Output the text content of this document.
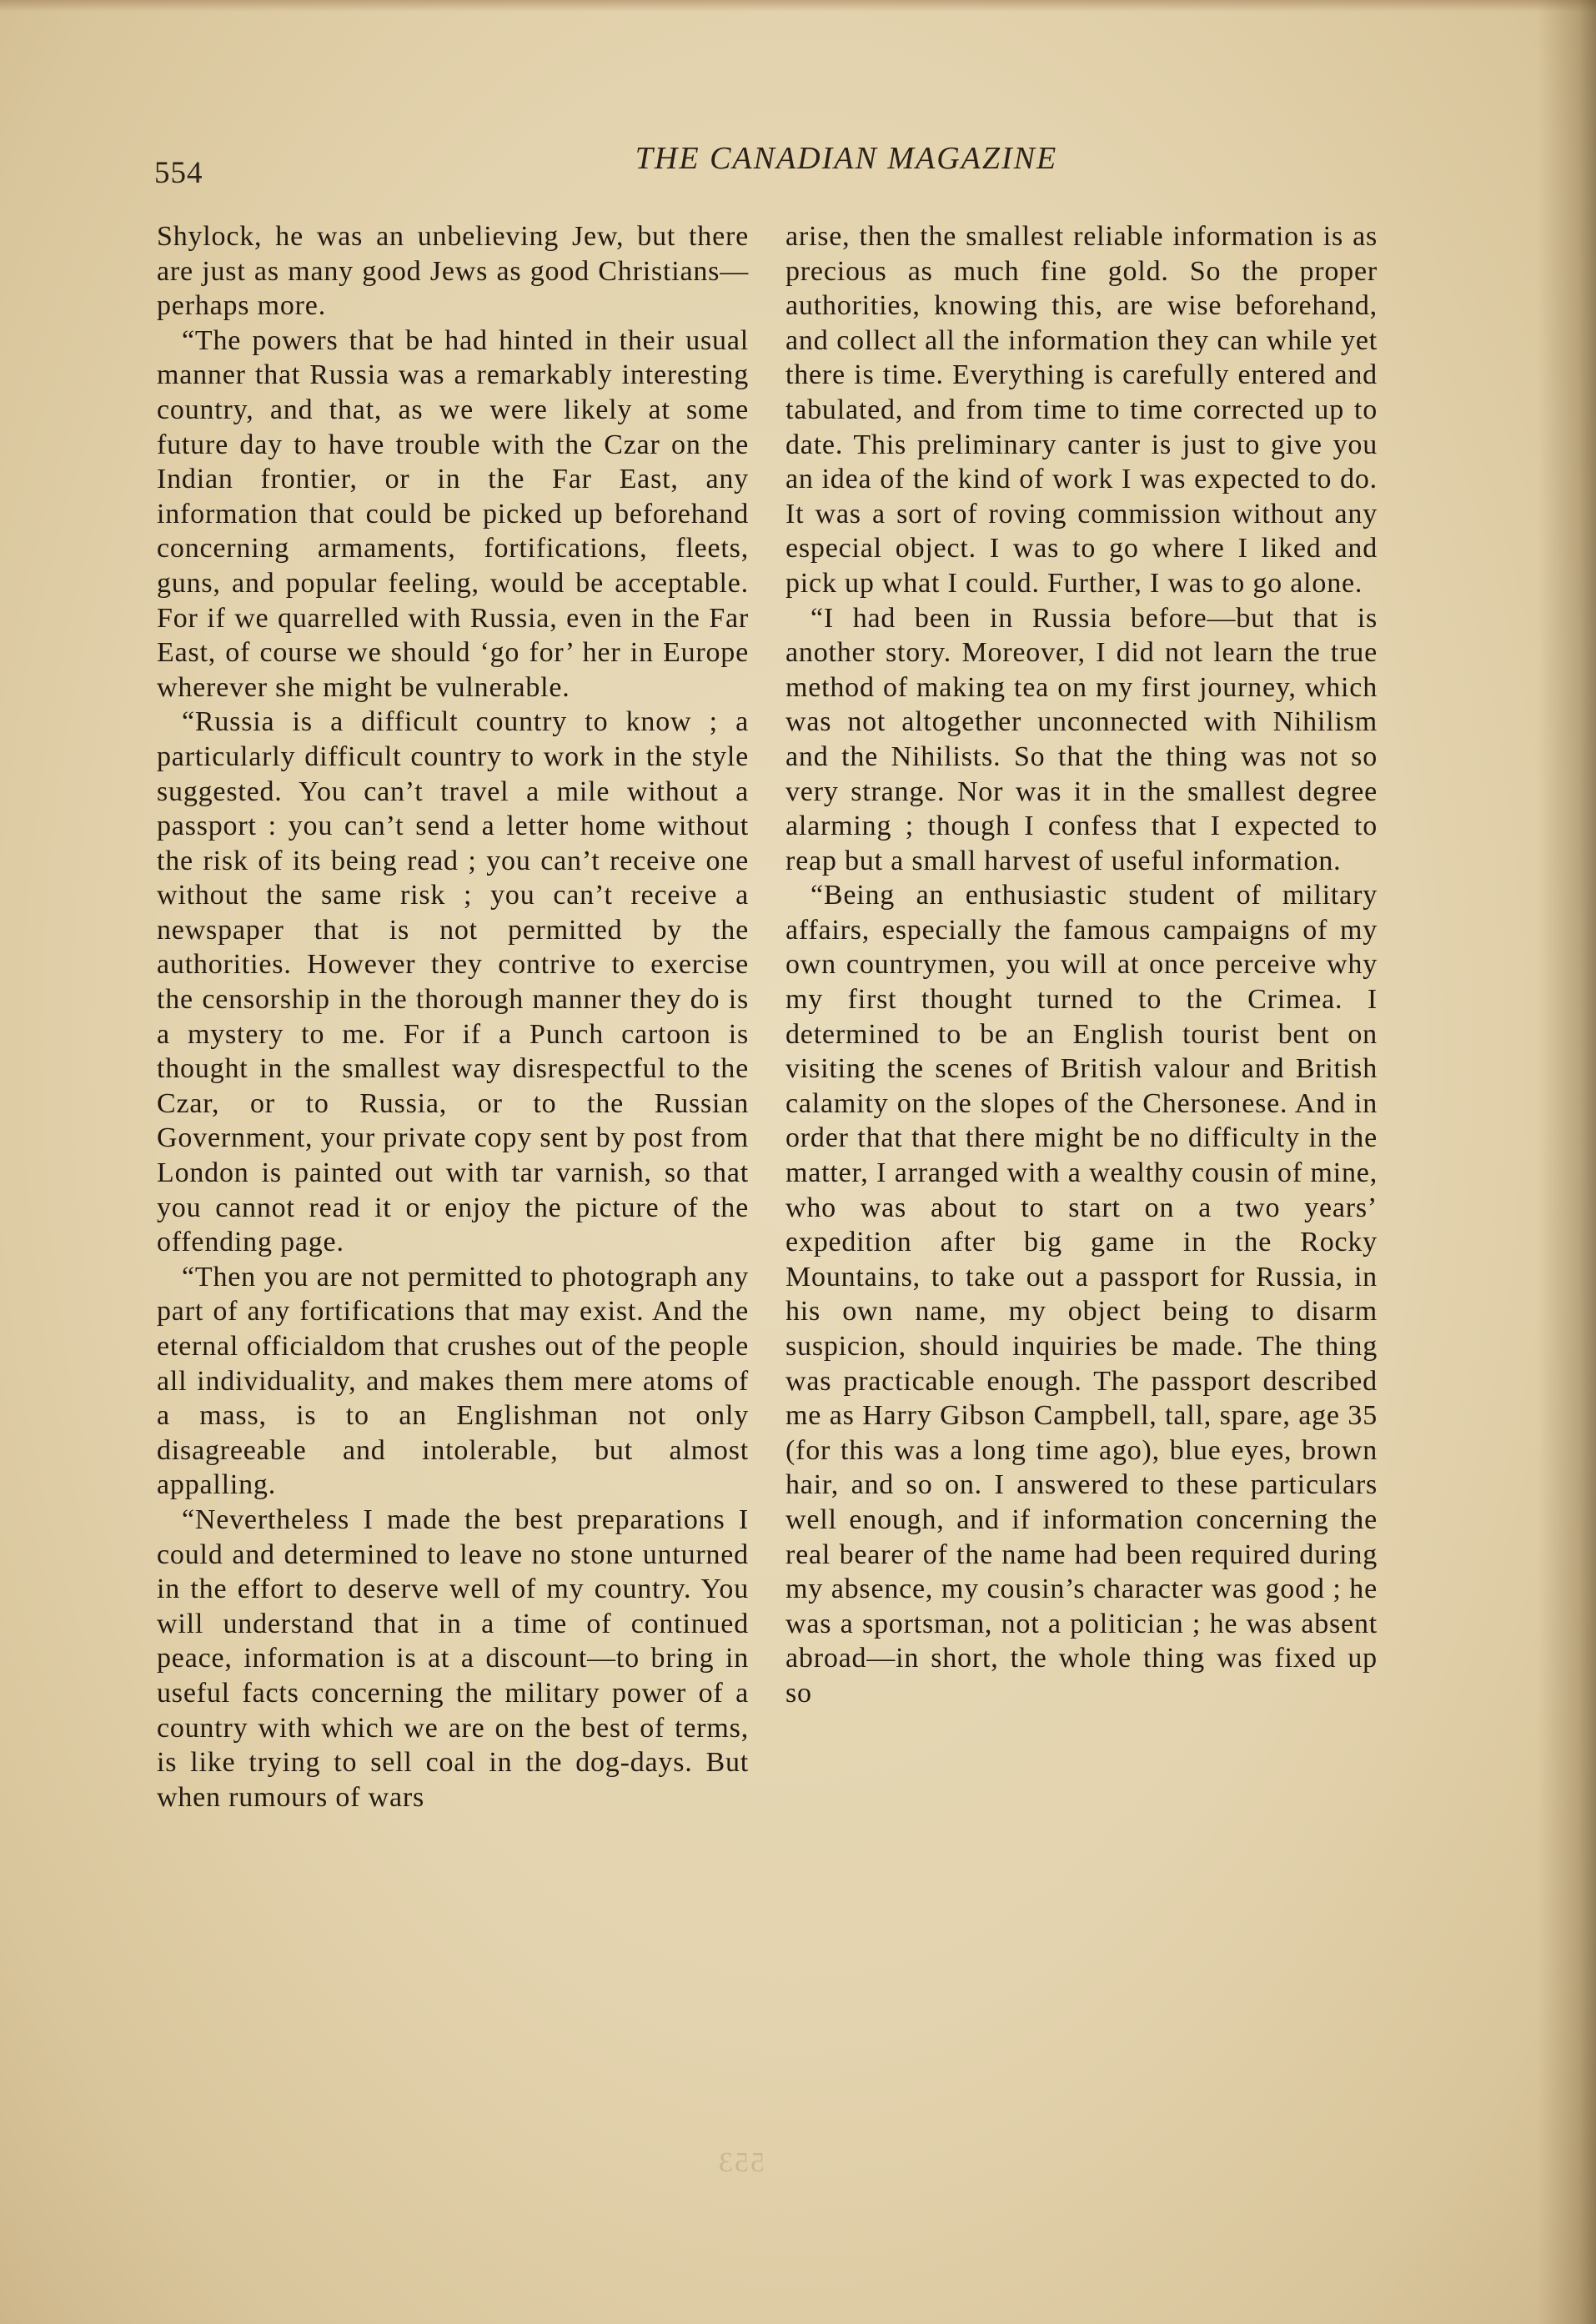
554	THE CANADIAN MAGAZINE

Shylock, he was an unbelieving Jew, but there are just as many good Jews as good Christians—perhaps more.

“The powers that be had hinted in their usual manner that Russia was a remarkably interesting country, and that, as we were likely at some future day to have trouble with the Czar on the Indian frontier, or in the Far East, any information that could be picked up beforehand concerning armaments, fortifications, fleets, guns, and popular feeling, would be acceptable. For if we quarrelled with Russia, even in the Far East, of course we should ‘go for’ her in Europe wherever she might be vulnerable.

“Russia is a difficult country to know ; a particularly difficult country to work in the style suggested. You can’t travel a mile without a passport : you can’t send a letter home without the risk of its being read ; you can’t receive one without the same risk ; you can’t receive a newspaper that is not permitted by the authorities. However they contrive to exercise the censorship in the thorough manner they do is a mystery to me. For if a Punch cartoon is thought in the smallest way disrespectful to the Czar, or to Russia, or to the Russian Government, your private copy sent by post from London is painted out with tar varnish, so that you cannot read it or enjoy the picture of the offending page.

“Then you are not permitted to photograph any part of any fortifications that may exist. And the eternal officialdom that crushes out of the people all individuality, and makes them mere atoms of a mass, is to an Englishman not only disagreeable and intolerable, but almost appalling.

“Nevertheless I made the best preparations I could and determined to leave no stone unturned in the effort to deserve well of my country. You will understand that in a time of continued peace, information is at a discount—to bring in useful facts concerning the military power of a country with which we are on the best of terms, is like trying to sell coal in the dog-days. But when rumours of wars

arise, then the smallest reliable information is as precious as much fine gold. So the proper authorities, knowing this, are wise beforehand, and collect all the information they can while yet there is time. Everything is carefully entered and tabulated, and from time to time corrected up to date. This preliminary canter is just to give you an idea of the kind of work I was expected to do. It was a sort of roving commission without any especial object. I was to go where I liked and pick up what I could. Further, I was to go alone.

“I had been in Russia before—but that is another story. Moreover, I did not learn the true method of making tea on my first journey, which was not altogether unconnected with Nihilism and the Nihilists. So that the thing was not so very strange. Nor was it in the smallest degree alarming ; though I confess that I expected to reap but a small harvest of useful information.

“Being an enthusiastic student of military affairs, especially the famous campaigns of my own countrymen, you will at once perceive why my first thought turned to the Crimea. I determined to be an English tourist bent on visiting the scenes of British valour and British calamity on the slopes of the Chersonese. And in order that that there might be no difficulty in the matter, I arranged with a wealthy cousin of mine, who was about to start on a two years’ expedition after big game in the Rocky Mountains, to take out a passport for Russia, in his own name, my object being to disarm suspicion, should inquiries be made. The thing was practicable enough. The passport described me as Harry Gibson Campbell, tall, spare, age 35 (for this was a long time ago), blue eyes, brown hair, and so on. I answered to these particulars well enough, and if information concerning the real bearer of the name had been required during my absence, my cousin’s character was good ; he was a sportsman, not a politician ; he was absent abroad—in short, the whole thing was fixed up so

553
